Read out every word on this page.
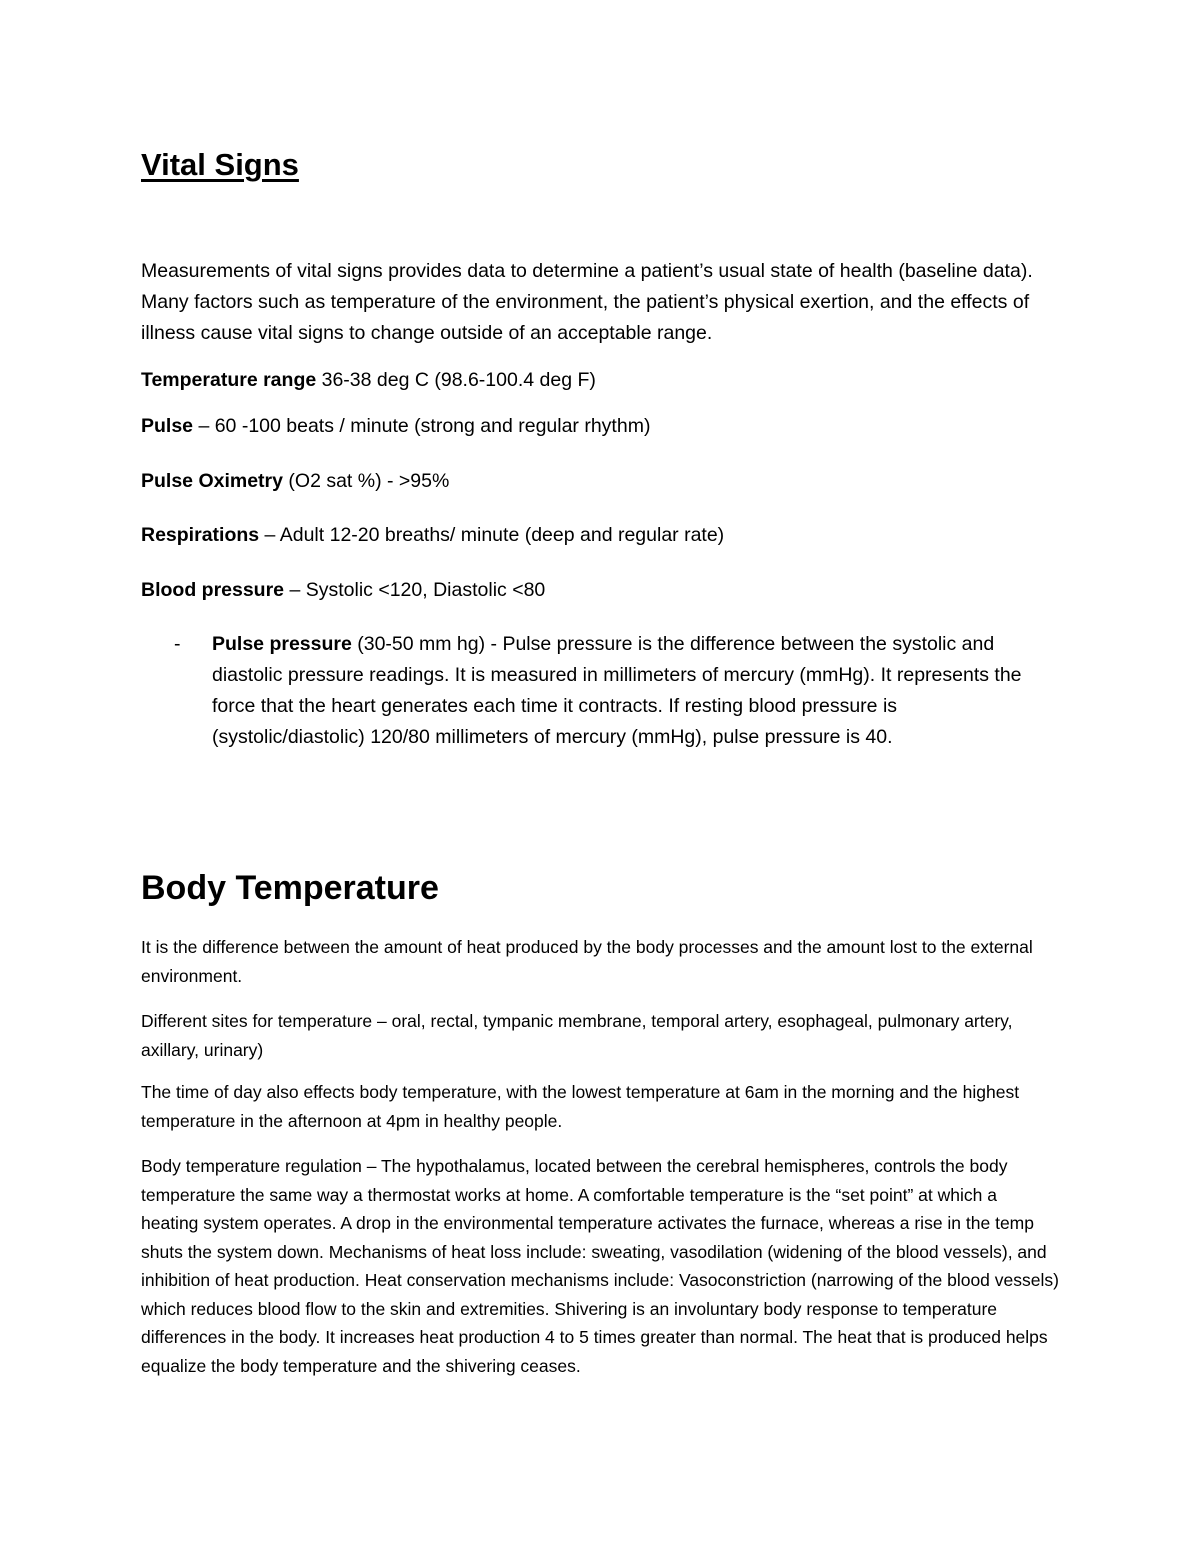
Vital Signs

Measurements of vital signs provides data to determine a patient’s usual state of health (baseline data). Many factors such as temperature of the environment, the patient’s physical exertion, and the effects of illness cause vital signs to change outside of an acceptable range.

Temperature range 36-38 deg C (98.6-100.4 deg F)

Pulse – 60 -100 beats / minute (strong and regular rhythm)

Pulse Oximetry (O2 sat %) - >95%

Respirations – Adult 12-20 breaths/ minute (deep and regular rate)

Blood pressure – Systolic <120, Diastolic <80

- Pulse pressure (30-50 mm hg) - Pulse pressure is the difference between the systolic and diastolic pressure readings. It is measured in millimeters of mercury (mmHg). It represents the force that the heart generates each time it contracts. If resting blood pressure is (systolic/diastolic) 120/80 millimeters of mercury (mmHg), pulse pressure is 40.
Body Temperature

It is the difference between the amount of heat produced by the body processes and the amount lost to the external environment.

Different sites for temperature – oral, rectal, tympanic membrane, temporal artery, esophageal, pulmonary artery, axillary, urinary)

The time of day also effects body temperature, with the lowest temperature at 6am in the morning and the highest temperature in the afternoon at 4pm in healthy people.

Body temperature regulation – The hypothalamus, located between the cerebral hemispheres, controls the body temperature the same way a thermostat works at home. A comfortable temperature is the “set point” at which a heating system operates. A drop in the environmental temperature activates the furnace, whereas a rise in the temp shuts the system down. Mechanisms of heat loss include: sweating, vasodilation (widening of the blood vessels), and inhibition of heat production. Heat conservation mechanisms include: Vasoconstriction (narrowing of the blood vessels) which reduces blood flow to the skin and extremities. Shivering is an involuntary body response to temperature differences in the body. It increases heat production 4 to 5 times greater than normal. The heat that is produced helps equalize the body temperature and the shivering ceases.
